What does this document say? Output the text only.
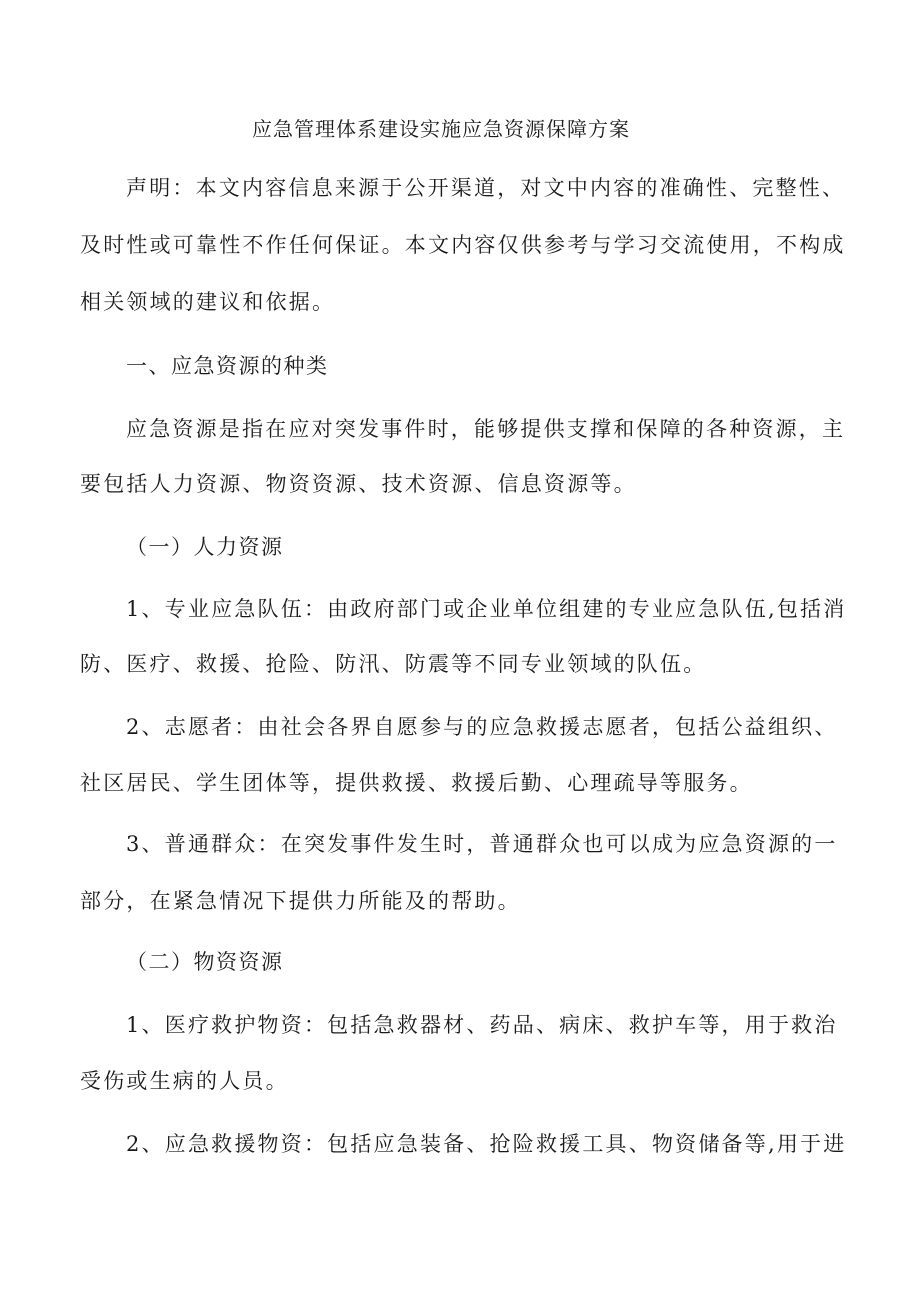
应急管理体系建设实施应急资源保障方案
声明：本文内容信息来源于公开渠道，对文中内容的准确性、完整性、
及时性或可靠性不作任何保证。本文内容仅供参考与学习交流使用，不构成
相关领域的建议和依据。
一、应急资源的种类
应急资源是指在应对突发事件时，能够提供支撑和保障的各种资源，主
要包括人力资源、物资资源、技术资源、信息资源等。
（一）人力资源
1、专业应急队伍：由政府部门或企业单位组建的专业应急队伍,包括消
防、医疗、救援、抢险、防汛、防震等不同专业领域的队伍。
2、志愿者：由社会各界自愿参与的应急救援志愿者，包括公益组织、
社区居民、学生团体等，提供救援、救援后勤、心理疏导等服务。
3、普通群众：在突发事件发生时，普通群众也可以成为应急资源的一
部分，在紧急情况下提供力所能及的帮助。
（二）物资资源
1、医疗救护物资：包括急救器材、药品、病床、救护车等，用于救治
受伤或生病的人员。
2、应急救援物资：包括应急装备、抢险救援工具、物资储备等,用于进
